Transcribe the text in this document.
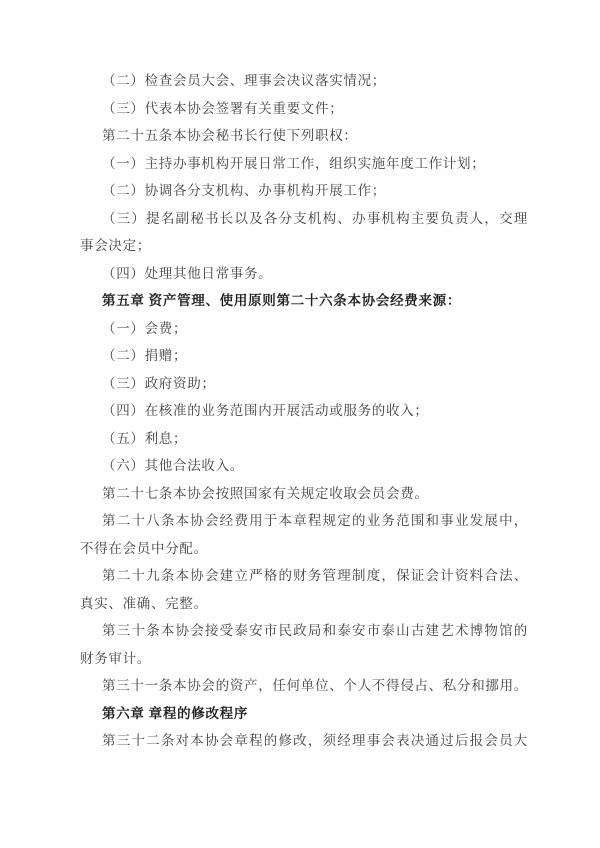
（二）检查会员大会、理事会决议落实情况；
（三）代表本协会签署有关重要文件；
第二十五条本协会秘书长行使下列职权：
（一）主持办事机构开展日常工作，组织实施年度工作计划；
（二）协调各分支机构、办事机构开展工作；
（三）提名副秘书长以及各分支机构、办事机构主要负责人，交理
事会决定；
（四）处理其他日常事务。
第五章 资产管理、使用原则第二十六条本协会经费来源：
（一）会费；
（二）捐赠；
（三）政府资助；
（四）在核准的业务范围内开展活动或服务的收入；
（五）利息；
（六）其他合法收入。
第二十七条本协会按照国家有关规定收取会员会费。
第二十八条本协会经费用于本章程规定的业务范围和事业发展中，
不得在会员中分配。
第二十九条本协会建立严格的财务管理制度，保证会计资料合法、
真实、准确、完整。
第三十条本协会接受泰安市民政局和泰安市泰山古建艺术博物馆的
财务审计。
第三十一条本协会的资产，任何单位、个人不得侵占、私分和挪用。
第六章 章程的修改程序
第三十二条对本协会章程的修改，须经理事会表决通过后报会员大
